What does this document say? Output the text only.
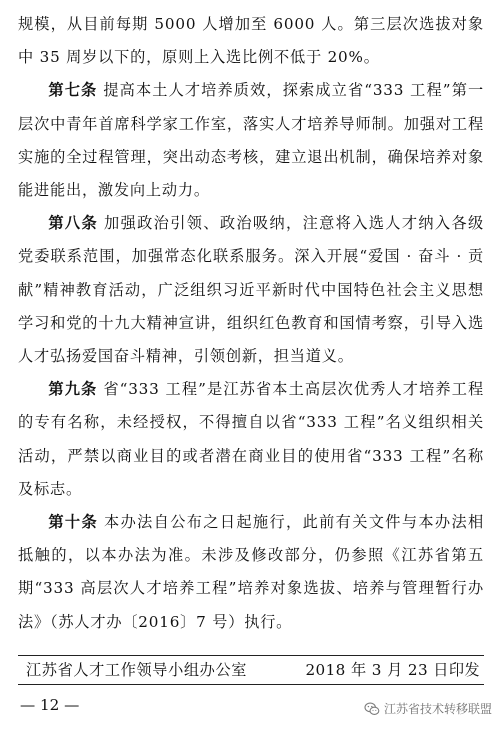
规模，从目前每期 5000 人增加至 6000 人。第三层次选拔对象中 35 周岁以下的，原则上入选比例不低于 20%。

第七条 提高本土人才培养质效，探索成立省“333 工程”第一层次中青年首席科学家工作室，落实人才培养导师制。加强对工程实施的全过程管理，突出动态考核，建立退出机制，确保培养对象能进能出，激发向上动力。

第八条 加强政治引领、政治吸纳，注意将入选人才纳入各级党委联系范围，加强常态化联系服务。深入开展“爱国 · 奋斗 · 贡献”精神教育活动，广泛组织习近平新时代中国特色社会主义思想学习和党的十九大精神宣讲，组织红色教育和国情考察，引导入选人才弘扬爱国奋斗精神，引领创新，担当道义。

第九条 省“333 工程”是江苏省本土高层次优秀人才培养工程的专有名称，未经授权，不得擅自以省“333 工程”名义组织相关活动，严禁以商业目的或者潜在商业目的使用省“333 工程”名称及标志。

第十条 本办法自公布之日起施行，此前有关文件与本办法相抵触的，以本办法为准。未涉及修改部分，仍参照《江苏省第五期“333 高层次人才培养工程”培养对象选拔、培养与管理暂行办法》（苏人才办〔2016〕7 号）执行。

江苏省人才工作领导小组办公室	2018 年 3 月 23 日印发
— 12 —	江苏省技术转移联盟
